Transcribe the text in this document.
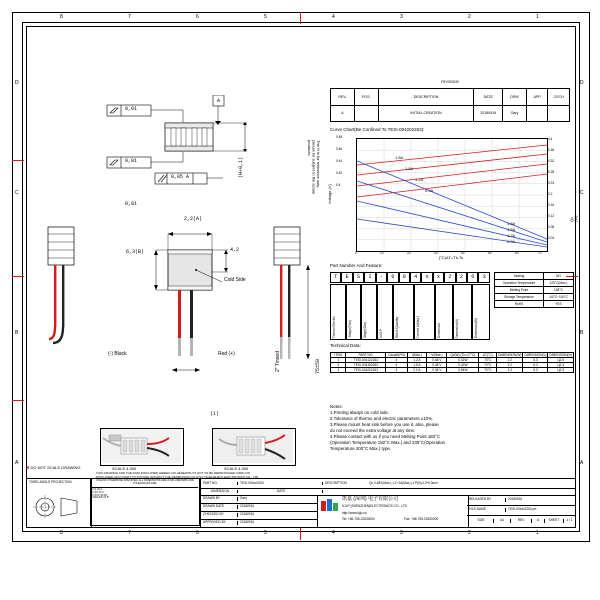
8	7	6	5	4	3	2	1
8	7	6	5	4	3	2	1
D
C
B
A
D
C
B
A
0,01
0,01
0,01
0,05 A
A
(H+0,1)	The H is for reference only, please be subject to the actual products.
2,2(A)
6,3(B)	4,2
Cold Side
(-) Black	Red (+)
75±50
2″ Tinned
(1)
SCALE 4,000	SCALE 4,000
REVISIONS
REV.	POS.	DESCRIPTION	DATE	DRW	APP	CECH
A		INITIAL CREATION	20180916	Gary		
Curve Chart(Be Confined To TESI-004202263):
1.8A
1.5A
1.2A
0.9A
1.8A
1.5A
1.2A
0.9A
Voltage (V)
Qc (W)
(°C)ΔT=Th-Tc
0.48
0.46
0.44
0.42
0.4
0.4
0.36
0.32
0.28
0.24
0.2
0.16
0.12
0.08
0.04
0	10	20	30	40	50	60	70
Part Number And Feature:
T	E	S	I	-	0	0	4	x	x	2	2	6	3
Thermo Electric	Shape(Thin)	Stage(Sha)	N.O.P	Bleck Quantity	Current A(Max.)	Dimension	Dimension(H)	Dimension(W)
Sealing	NO
Operation Temperature	125°C(Max.)
Melting Point	138°C
Storage Temperature	-60°C~100°C
RoHS	YES
Technical Data:
ITEM	PART NO.	Couple(PN)	I(Max.)	V(Max.)	Qc(W) (Th=27°C)	ΔT(°C)	DIMENSION(W)	DIMENSION(L)	DIMENSION(H)
1	TESI-004122263	4	1.2 A	0.48 V	0.32W	70°C	2.2	6.3	Ц2.5
2	TESI-004152263	4	1.5 A	0.48 V	0.42W	70°C	2.2	6.3	Ц2.3
3	TESI-004202263	4	2.0 A	0.48 V	0.54W	70°C	2.2	6.3	Ц2.3
Notes:
1.Printing always on cold side.
2.Tolerance of thermo and electric parameters ±10%.
3.Please mount heat sink before you use it, also, please
do not exceed the extra voltage at any time.
4.Please contact with us if you need Melting Point 183°C
(Operation Temperature 150°C Max.) and 235°C(Operation
Temperature 200°C Max.) type.
✖ DO NOT SCALE DRAWING
THIS DRAWING AND THE DATA DISCLOSED HEREIN OR HEREWITH IS NOT TO BE REPRODUCED USED OR DISCLOSED OR IN PART TO ANYONE WITHOUT THE PERMISSION OF KJLP (SHENZHEN) ELECTRONICS CO., LTD.
THIRD ANGLE PROJECTION	UNLESS OTHERWISE SPECIFIED, ALL DIMENSIONS ARE IN MILLIMETERS AND TOLERANCES ARE:
X.X ±0.2
X.XX ±0.1
X.XXX ±0.05
ANGLES ±0.5°
PART NO.	TESI-004xx2263	DESCRIPTION	Qc 0.48V(Max.),1.2~2A(Max.),4 P(N),2.2*6.3mm
DIMENSION	DATE
DRAWN BY	Gary
DRAWN DATE	20180916
CHECKED BY	20180916
APPROVED BY	20180916
凯嘉 (深圳) 电子有限公司
KJLP (SHENZHEN)ELECTRONICS CO., LTD
http://www.kjlp.cn
Tel: +86-755-22630000	Fax: +86-755-22630000
RELEASED BY	20180916
FILE NAME	TESI-004xx2263.prt
SIZE	A4	REV	A	SHEET	1 / 1
